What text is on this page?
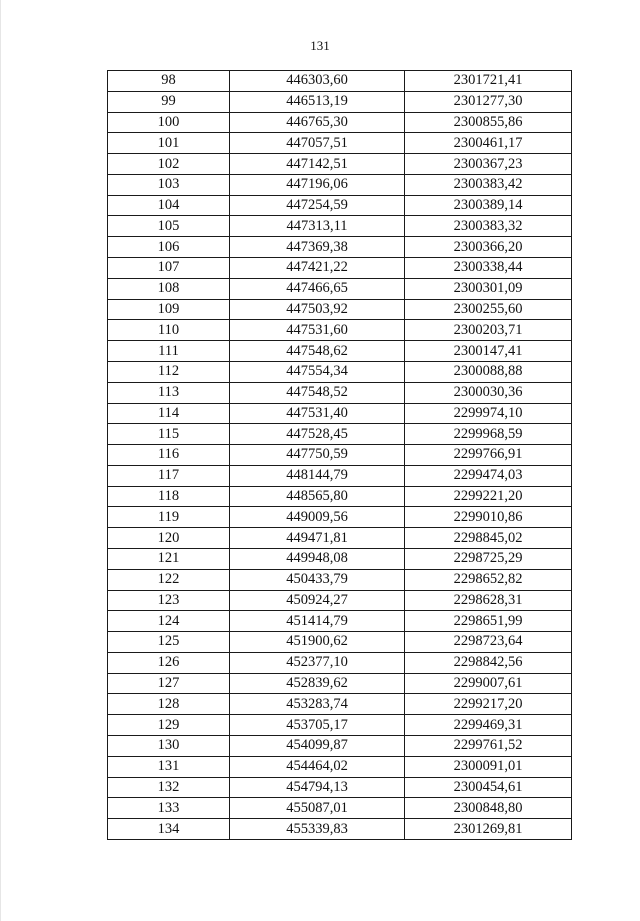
131
98	446303,60	2301721,41
99	446513,19	2301277,30
100	446765,30	2300855,86
101	447057,51	2300461,17
102	447142,51	2300367,23
103	447196,06	2300383,42
104	447254,59	2300389,14
105	447313,11	2300383,32
106	447369,38	2300366,20
107	447421,22	2300338,44
108	447466,65	2300301,09
109	447503,92	2300255,60
110	447531,60	2300203,71
111	447548,62	2300147,41
112	447554,34	2300088,88
113	447548,52	2300030,36
114	447531,40	2299974,10
115	447528,45	2299968,59
116	447750,59	2299766,91
117	448144,79	2299474,03
118	448565,80	2299221,20
119	449009,56	2299010,86
120	449471,81	2298845,02
121	449948,08	2298725,29
122	450433,79	2298652,82
123	450924,27	2298628,31
124	451414,79	2298651,99
125	451900,62	2298723,64
126	452377,10	2298842,56
127	452839,62	2299007,61
128	453283,74	2299217,20
129	453705,17	2299469,31
130	454099,87	2299761,52
131	454464,02	2300091,01
132	454794,13	2300454,61
133	455087,01	2300848,80
134	455339,83	2301269,81
